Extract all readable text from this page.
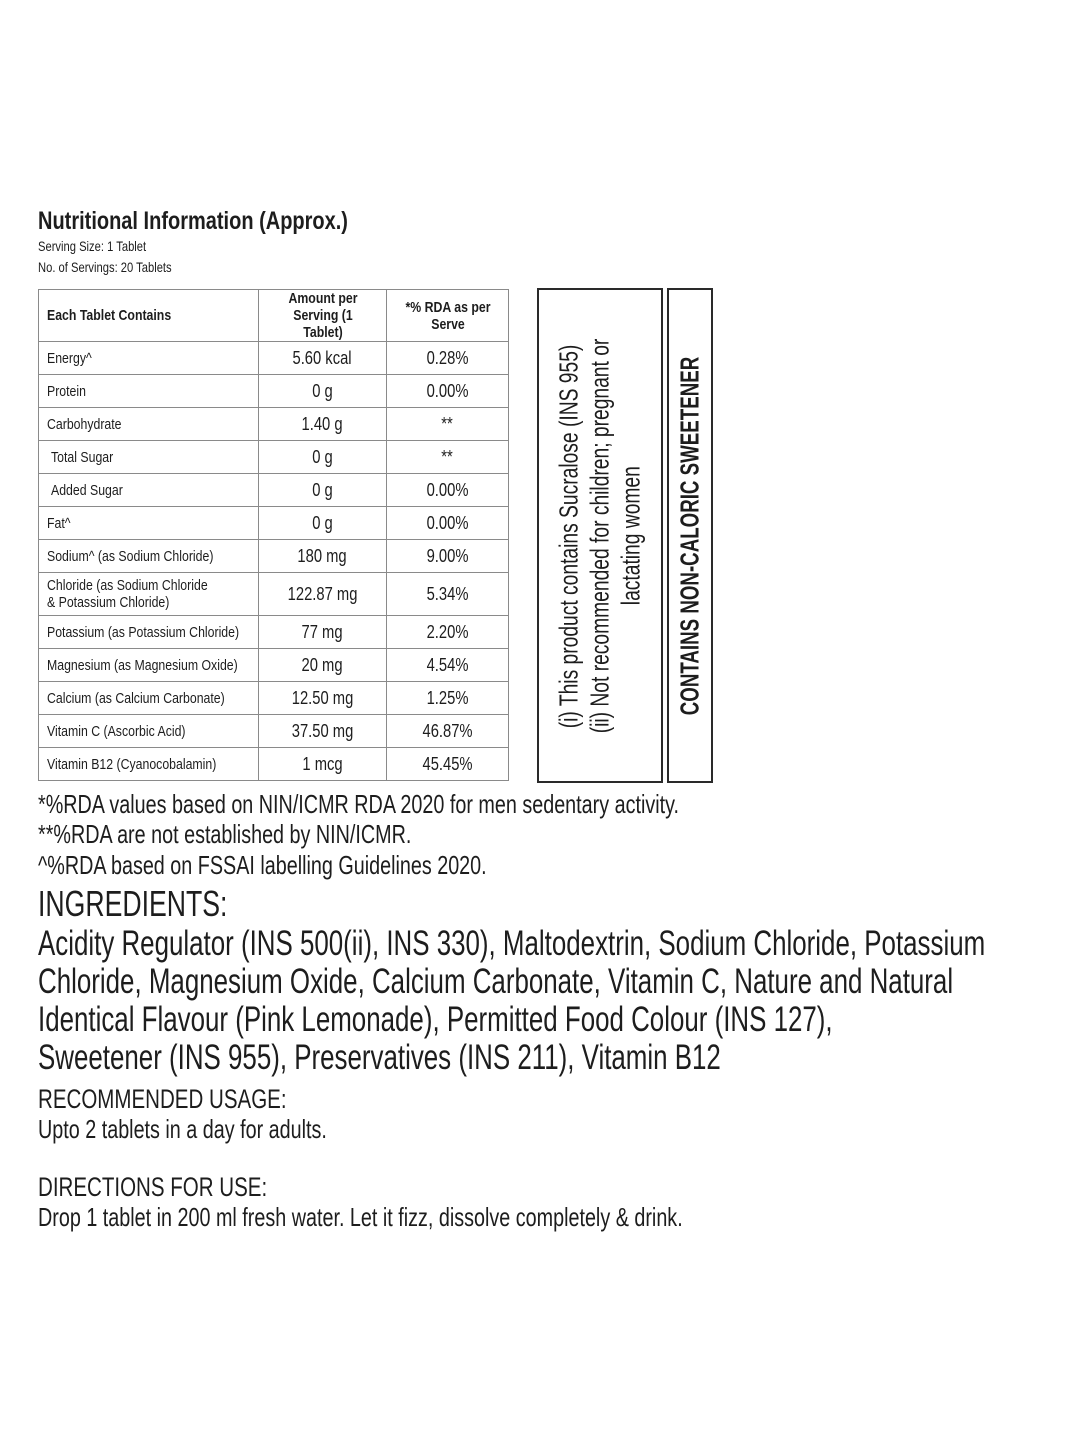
Nutritional Information (Approx.)
Serving Size: 1 Tablet
No. of Servings: 20 Tablets
Each Tablet Contains	Amount per Serving (1 Tablet)	*% RDA as per Serve
Energy^	5.60 kcal	0.28%
Protein	0 g	0.00%
Carbohydrate	1.40 g	**
Total Sugar	0 g	**
Added Sugar	0 g	0.00%
Fat^	0 g	0.00%
Sodium^ (as Sodium Chloride)	180 mg	9.00%

Chloride (as Sodium Chloride
& Potassium Chloride)	122.87 mg	5.34%
Potassium (as Potassium Chloride)	77 mg	2.20%
Magnesium (as Magnesium Oxide)	20 mg	4.54%
Calcium (as Calcium Carbonate)	12.50 mg	1.25%
Vitamin C (Ascorbic Acid)	37.50 mg	46.87%
Vitamin B12 (Cyanocobalamin)	1 mcg	45.45%
(i) This product contains Sucralose (INS 955) (ii) Not recommended for children; pregnant or lactating women CONTAINS NON-CALORIC SWEETENER
*%RDA values based on NIN/ICMR RDA 2020 for men sedentary activity.
**%RDA are not established by NIN/ICMR.
^%RDA based on FSSAI labelling Guidelines 2020.
INGREDIENTS:
Acidity Regulator (INS 500(ii), INS 330), Maltodextrin, Sodium Chloride, Potassium
Chloride, Magnesium Oxide, Calcium Carbonate, Vitamin C, Nature and Natural
Identical Flavour (Pink Lemonade), Permitted Food Colour (INS 127),
Sweetener (INS 955), Preservatives (INS 211), Vitamin B12
RECOMMENDED USAGE:
Upto 2 tablets in a day for adults.
DIRECTIONS FOR USE:
Drop 1 tablet in 200 ml fresh water. Let it fizz, dissolve completely & drink.
